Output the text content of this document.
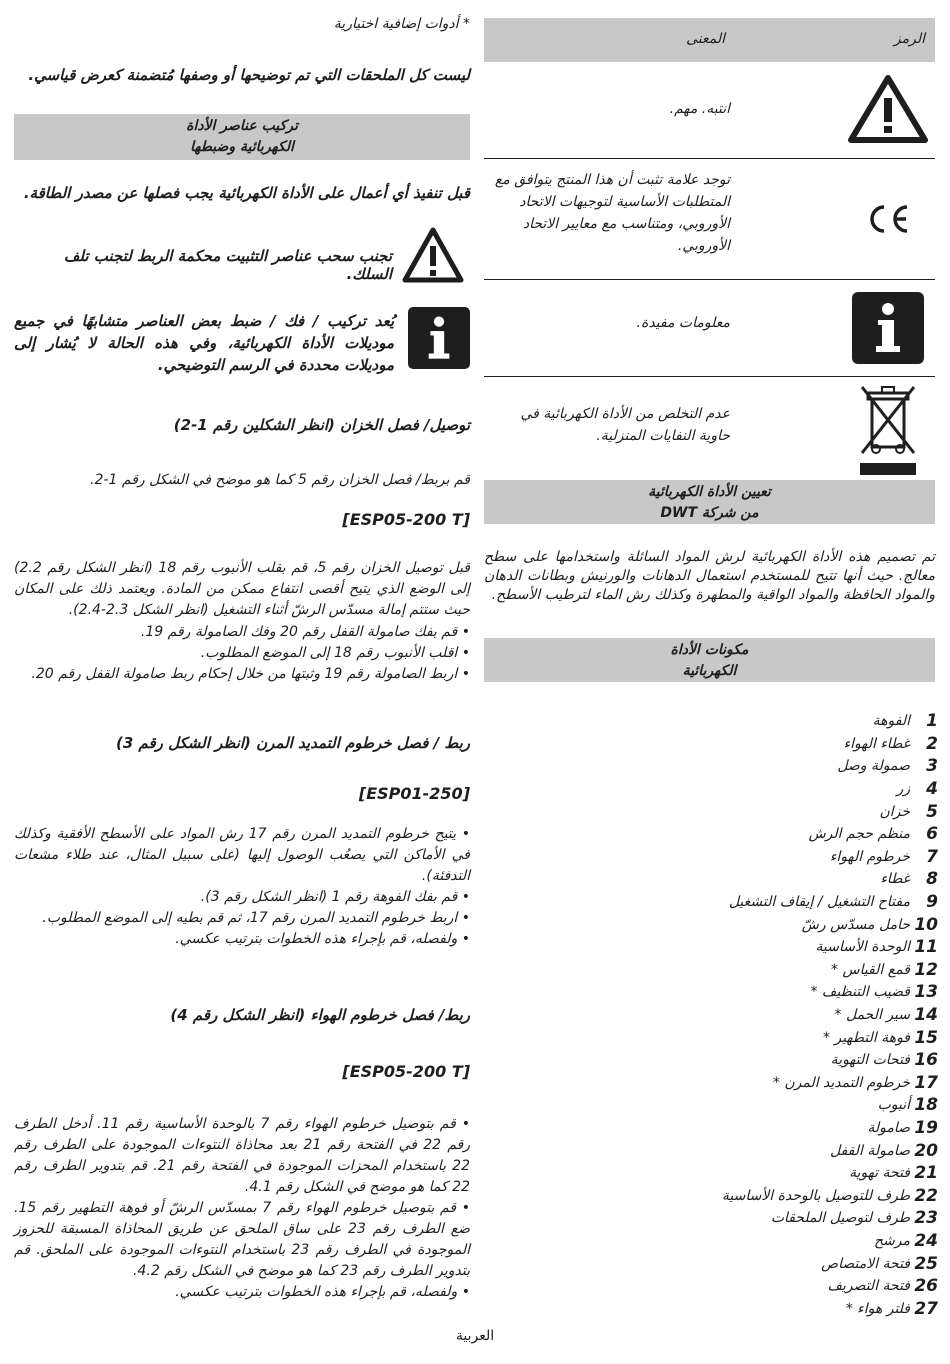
الرمز
المعنى
انتبه. مهم.
توجد علامة تثبت أن هذا المنتج يتوافق مع المتطلبات الأساسية لتوجيهات الاتحاد الأوروبي، ومتناسب مع معايير الاتحاد الأوروبي.
معلومات مفيدة.
عدم التخلص من الأداة الكهربائية في حاوية النفايات المنزلية.
تعيين الأداة الكهربائية
من شركة DWT

تم تصميم هذه الأداة الكهربائية لرش المواد السائلة واستخدامها على سطح معالج. حيث أنها تتيح للمستخدم استعمال الدهانات والورنيش وبطانات الدهان والمواد الحافظة والمواد الواقية والمطهرة وكذلك رش الماء لترطيب الأسطح.

مكونات الأداة
الكهربائية
1
الفوهة
2
غطاء الهواء
3
صمولة وصل
4
زر
5
خزان
6
منظم حجم الرش
7
خرطوم الهواء
8
غطاء
9
مفتاح التشغيل / إيقاف التشغيل
10
حامل مسدّس رشّ
11
الوحدة الأساسية
12
قمع القياس *
13
قضيب التنظيف *
14
سير الحمل *
15
فوهة التطهير *
16
فتحات التهوية
17
خرطوم التمديد المرن *
18
أنبوب
19
صامولة
20
صامولة القفل
21
فتحة تهوية
22
طرف للتوصيل بالوحدة الأساسية
23
طرف لتوصيل الملحقات
24
مرشح
25
فتحة الامتصاص
26
فتحة التصريف
27
فلتر هواء *

* أدوات إضافية اختيارية

ليست كل الملحقات التي تم توضيحها أو وصفها مُتضمنة كعرض قياسي.

تركيب عناصر الأداة
الكهربائية وضبطها

قبل تنفيذ أي أعمال على الأداة الكهربائية يجب فصلها عن مصدر الطاقة.

تجنب سحب عناصر التثبيت محكمة الربط لتجنب تلف السلك.

يُعد تركيب / فك / ضبط بعض العناصر متشابهًا في جميع موديلات الأداة الكهربائية، وفي هذه الحالة لا يُشار إلى موديلات محددة في الرسم التوضيحي.

توصيل/ فصل الخزان (انظر الشكلين رقم 1-2)

قم بربط/ فصل الخزان رقم 5 كما هو موضح في الشكل رقم 1-2.

[ESP05-200 T]

قبل توصيل الخزان رقم 5، قم بقلب الأنبوب رقم 18 (انظر الشكل رقم 2.2) إلى الوضع الذي يتيح أقصى انتفاع ممكن من المادة. ويعتمد ذلك على المكان حيث ستتم إمالة مسدّس الرشّ أثناء التشغيل (انظر الشكل 2.3-2.4).

• قم بفك صامولة القفل رقم 20 وفك الصامولة رقم 19.
• اقلب الأنبوب رقم 18 إلى الموضع المطلوب.
• اربط الصامولة رقم 19 وثبتها من خلال إحكام ربط صامولة القفل رقم 20.

ربط / فصل خرطوم التمديد المرن (انظر الشكل رقم 3)

[ESP01-250]

• يتيح خرطوم التمديد المرن رقم 17 رش المواد على الأسطح الأفقية وكذلك في الأماكن التي يصعُب الوصول إليها (على سبيل المثال، عند طلاء مشعات التدفئة).
• قم بفك الفوهة رقم 1 (انظر الشكل رقم 3).
• اربط خرطوم التمديد المرن رقم 17، ثم قم بطيه إلى الموضع المطلوب.
• ولفصله، قم بإجراء هذه الخطوات بترتيب عكسي.

ربط/ فصل خرطوم الهواء (انظر الشكل رقم 4)

[ESP05-200 T]

• قم بتوصيل خرطوم الهواء رقم 7 بالوحدة الأساسية رقم 11. أدخل الطرف رقم 22 في الفتحة رقم 21 بعد محاذاة النتوءات الموجودة على الطرف رقم 22 باستخدام المحزات الموجودة في الفتحة رقم 21. قم بتدوير الطرف رقم 22 كما هو موضح في الشكل رقم 4.1.
• قم بتوصيل خرطوم الهواء رقم 7 بمسدّس الرشّ أو فوهة التطهير رقم 15. ضع الطرف رقم 23 على ساق الملحق عن طريق المحاذاة المسبقة للحزوز الموجودة في الطرف رقم 23 باستخدام النتوءات الموجودة على الملحق. قم بتدوير الطرف رقم 23 كما هو موضح في الشكل رقم 4.2.
• ولفصله، قم بإجراء هذه الخطوات بترتيب عكسي.
العربية
